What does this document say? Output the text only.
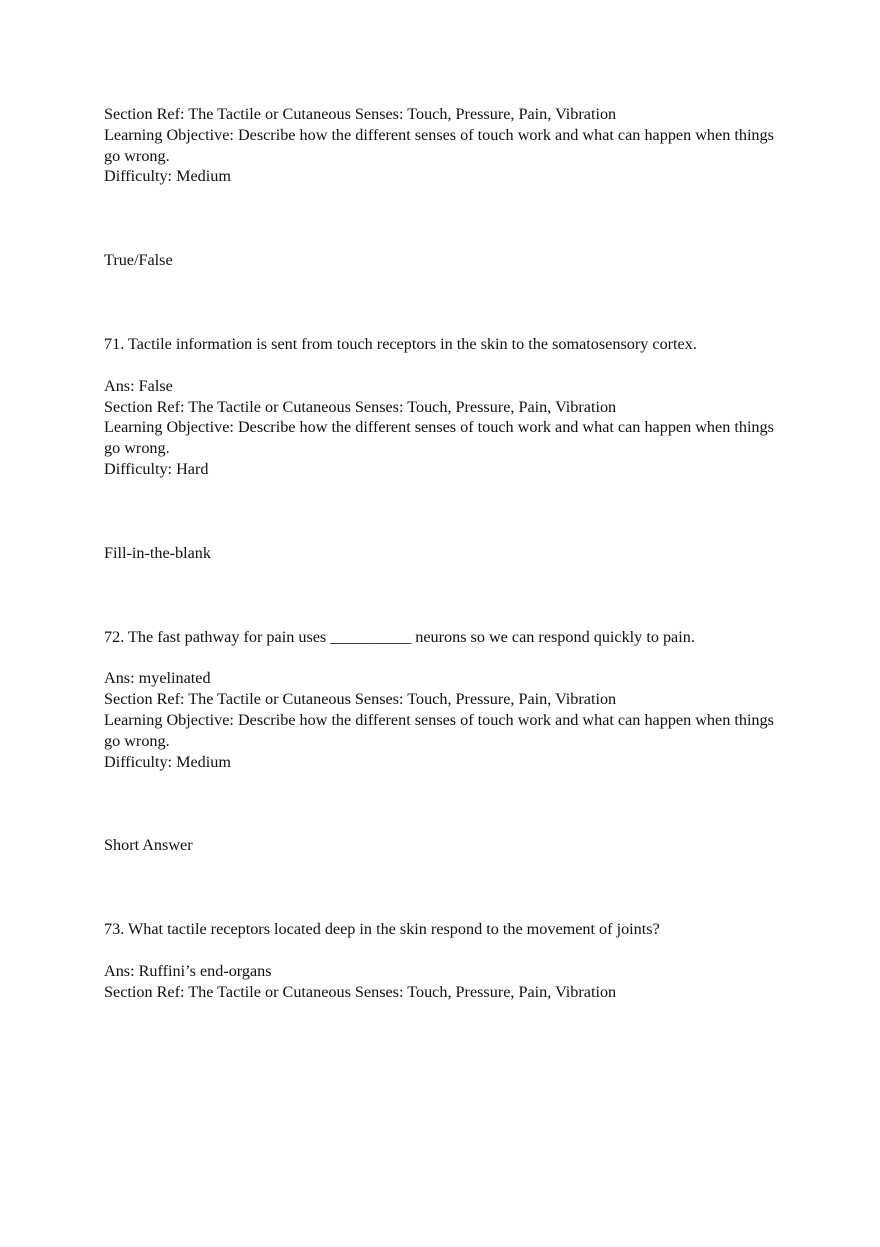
Section Ref: The Tactile or Cutaneous Senses: Touch, Pressure, Pain, Vibration
Learning Objective: Describe how the different senses of touch work and what can happen when things go wrong.
Difficulty: Medium
True/False
71. Tactile information is sent from touch receptors in the skin to the somatosensory cortex.
Ans: False
Section Ref: The Tactile or Cutaneous Senses: Touch, Pressure, Pain, Vibration
Learning Objective: Describe how the different senses of touch work and what can happen when things go wrong.
Difficulty: Hard
Fill-in-the-blank
72. The fast pathway for pain uses __________ neurons so we can respond quickly to pain.
Ans: myelinated
Section Ref: The Tactile or Cutaneous Senses: Touch, Pressure, Pain, Vibration
Learning Objective: Describe how the different senses of touch work and what can happen when things go wrong.
Difficulty: Medium
Short Answer
73. What tactile receptors located deep in the skin respond to the movement of joints?
Ans: Ruffini’s end-organs
Section Ref: The Tactile or Cutaneous Senses: Touch, Pressure, Pain, Vibration
